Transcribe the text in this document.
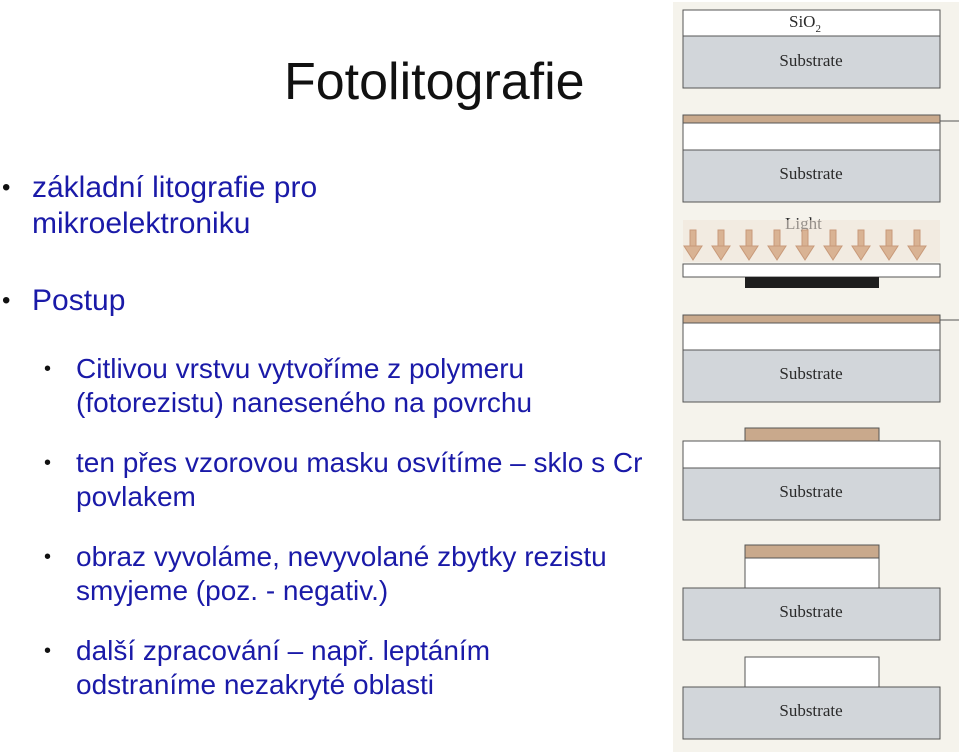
Fotolitografie
• základní litografie pro mikroelektroniku
• Postup
• Citlivou vrstvu vytvoříme z polymeru (fotorezistu) naneseného na povrchu
• ten přes vzorovou masku osvítíme – sklo s Cr povlakem
• obraz vyvoláme, nevyvolané zbytky rezistu smyjeme (poz. - negativ.)
• další zpracování – např. leptáním odstraníme nezakryté oblasti
SiO$_2$
Substrate
Substrate
Substrate
Substrate
Substrate
Substrate
